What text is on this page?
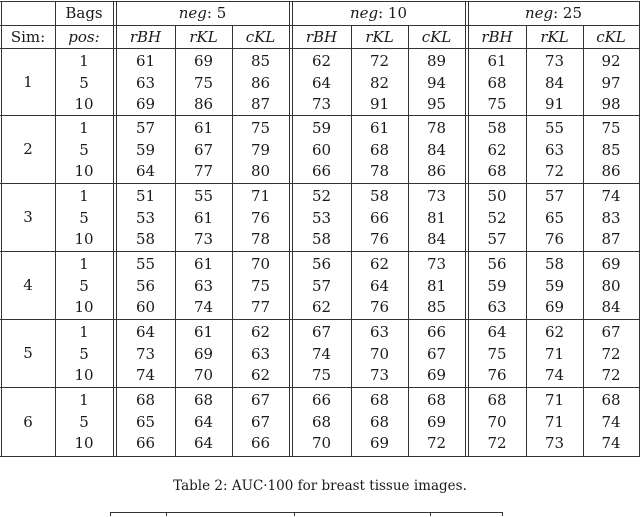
Bags	neg: 5	neg: 10	neg: 25
Sim:	pos:	rBH	rKL	cKL	rBH	rKL	cKL	rBH	rKL	cKL
1
1	61	69	85	62	72	89	61	73	92
5	63	75	86	64	82	94	68	84	97
10	69	86	87	73	91	95	75	91	98
2
1	57	61	75	59	61	78	58	55	75
5	59	67	79	60	68	84	62	63	85
10	64	77	80	66	78	86	68	72	86
3
1	51	55	71	52	58	73	50	57	74
5	53	61	76	53	66	81	52	65	83
10	58	73	78	58	76	84	57	76	87
4
1	55	61	70	56	62	73	56	58	69
5	56	63	75	57	64	81	59	59	80
10	60	74	77	62	76	85	63	69	84
5
1	64	61	62	67	63	66	64	62	67
5	73	69	63	74	70	67	75	71	72
10	74	70	62	75	73	69	76	74	72
6
1	68	68	67	66	68	68	68	71	68
5	65	64	67	68	68	69	70	71	74
10	66	64	66	70	69	72	72	73	74
Table 2: AUC·100 for breast tissue images.
